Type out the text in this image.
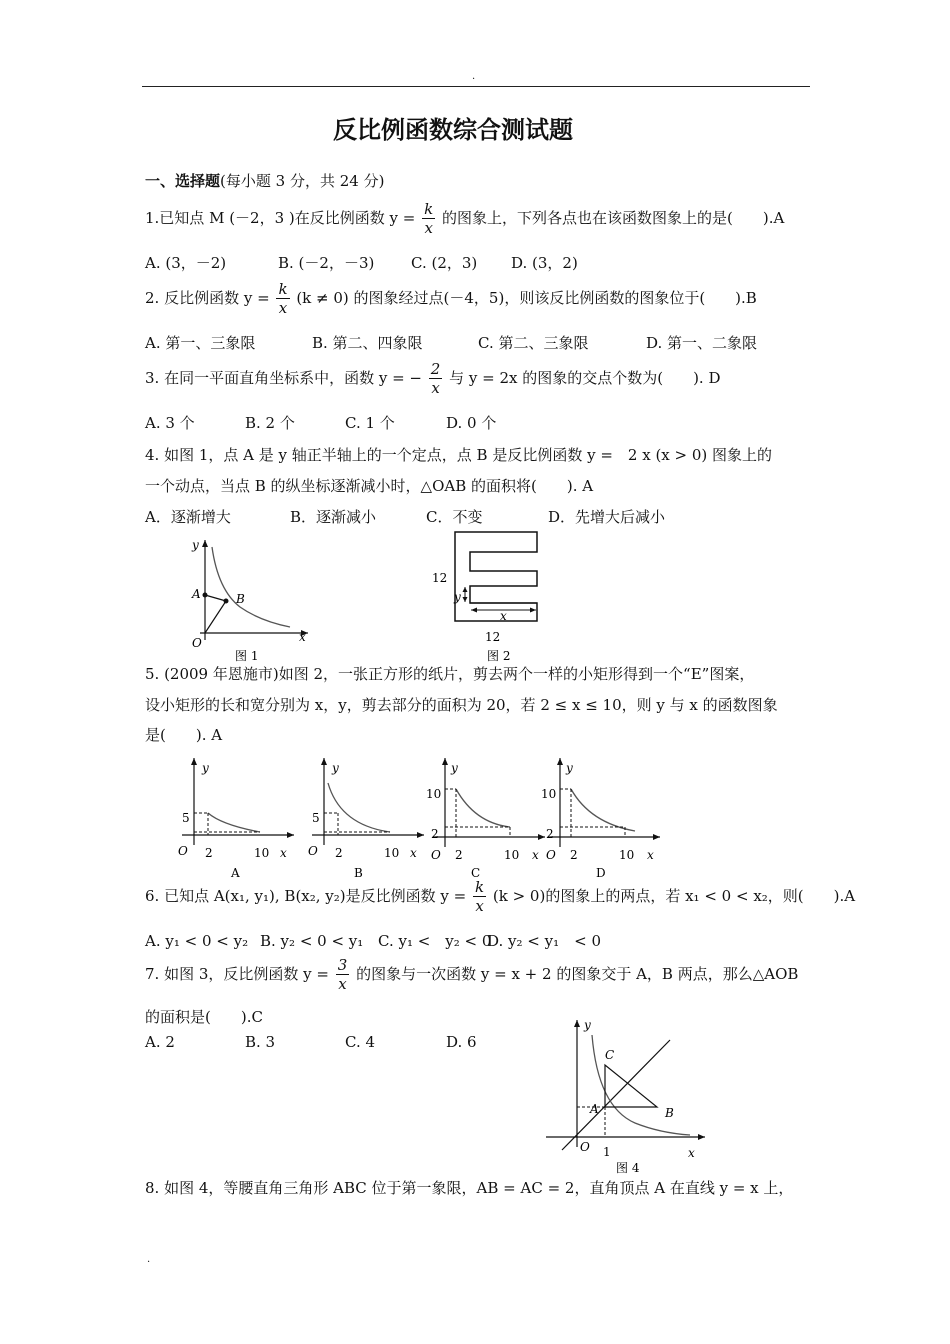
.
反比例函数综合测试题
一、选择题(每小题 3 分，共 24 分)
1.已知点 M (－2，3 )在反比例函数 $y = \frac{k}{x}$ 的图象上，下列各点也在该函数图象上的是(　　).A
A. (3，－2)	B. (－2，－3) C. (2，3) D. (3，2)
2. 反比例函数 $y = \frac{k}{x} (k \ne 0)$ 的图象经过点(－4，5)，则该反比例函数的图象位于(　　).B
A. 第一、三象限	B. 第二、四象限	C. 第二、三象限	D. 第一、二象限
3. 在同一平面直角坐标系中，函数 y = − $\frac{2}{x}$ 与 y = 2x 的图象的交点个数为(　　). D
A. 3 个	B. 2 个	C. 1 个	D. 0 个
4. 如图 1，点 A 是 y 轴正半轴上的一个定点，点 B 是反比例函数 y =　2 x (x > 0) 图象上的
一个动点，当点 B 的纵坐标逐渐减小时，△OAB 的面积将(　　). A
A．逐渐增大	B．逐渐减小	C．不变	D．先增大后减小
y
x
O
A	B
图 1
12
y
x
12
图 2
5. (2009 年恩施市)如图 2，一张正方形的纸片，剪去两个一样的小矩形得到一个“E”图案，
设小矩形的长和宽分别为 x，y，剪去部分的面积为 20，若 2 ≤ x ≤ 10，则 y 与 x 的函数图象
是(　　). A
y
5
O 2	10 x
A
y
5
O 2	10 x
B
y
10
2
O 2	10 x
C
y
10
2
O 2	10 x
D
6. 已知点 A(x₁, y₁), B(x₂, y₂)是反比例函数 $y = \frac{k}{x} (k > 0)$的图象上的两点，若 x₁ < 0 < x₂，则(　　).A
A. y₁ < 0 < y₂ B. y₂ < 0 < y₁ C. y₁ <　y₂ < 0
D. y₂ < y₁　< 0
7. 如图 3，反比例函数 $y = \frac{3}{x}$ 的图象与一次函数 y = x + 2 的图象交于 A，B 两点，那么△AOB
的面积是(　　).C
A. 2	B. 3	C. 4	D. 6
y
x
O 1
A	B
C
图 4
8. 如图 4，等腰直角三角形 ABC 位于第一象限，AB = AC = 2，直角顶点 A 在直线 y = x 上，
.
